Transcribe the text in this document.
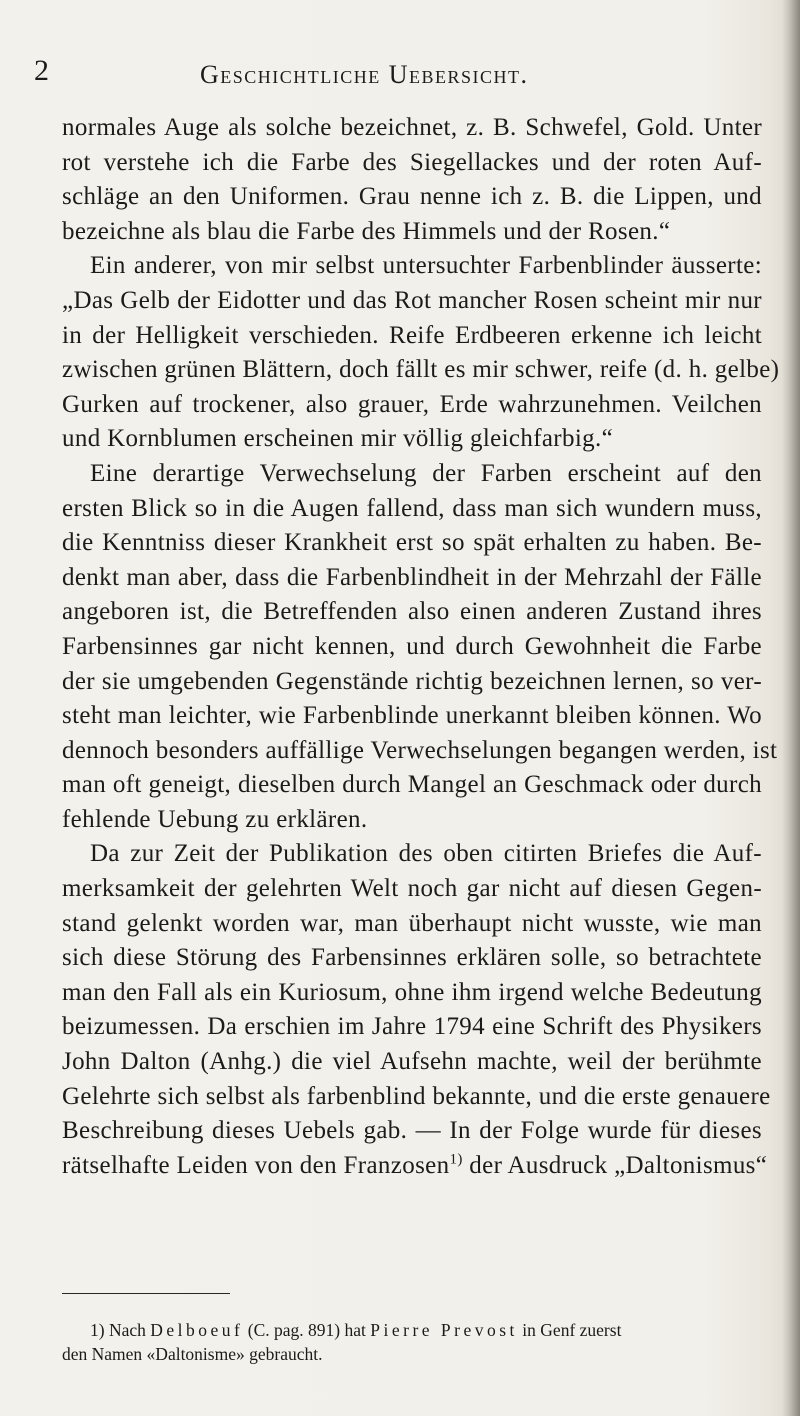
2	Geschichtliche Uebersicht.
normales Auge als solche bezeichnet, z. B. Schwefel, Gold. Unter
rot verstehe ich die Farbe des Siegellackes und der roten Auf-
schläge an den Uniformen. Grau nenne ich z. B. die Lippen, und
bezeichne als blau die Farbe des Himmels und der Rosen.“
Ein anderer, von mir selbst untersuchter Farbenblinder äusserte:
„Das Gelb der Eidotter und das Rot mancher Rosen scheint mir nur
in der Helligkeit verschieden. Reife Erdbeeren erkenne ich leicht
zwischen grünen Blättern, doch fällt es mir schwer, reife (d. h. gelbe)
Gurken auf trockener, also grauer, Erde wahrzunehmen. Veilchen
und Kornblumen erscheinen mir völlig gleichfarbig.“
Eine derartige Verwechselung der Farben erscheint auf den
ersten Blick so in die Augen fallend, dass man sich wundern muss,
die Kenntniss dieser Krankheit erst so spät erhalten zu haben. Be-
denkt man aber, dass die Farbenblindheit in der Mehrzahl der Fälle
angeboren ist, die Betreffenden also einen anderen Zustand ihres
Farbensinnes gar nicht kennen, und durch Gewohnheit die Farbe
der sie umgebenden Gegenstände richtig bezeichnen lernen, so ver-
steht man leichter, wie Farbenblinde unerkannt bleiben können. Wo
dennoch besonders auffällige Verwechselungen begangen werden, ist
man oft geneigt, dieselben durch Mangel an Geschmack oder durch
fehlende Uebung zu erklären.
Da zur Zeit der Publikation des oben citirten Briefes die Auf-
merksamkeit der gelehrten Welt noch gar nicht auf diesen Gegen-
stand gelenkt worden war, man überhaupt nicht wusste, wie man
sich diese Störung des Farbensinnes erklären solle, so betrachtete
man den Fall als ein Kuriosum, ohne ihm irgend welche Bedeutung
beizumessen. Da erschien im Jahre 1794 eine Schrift des Physikers
John Dalton (Anhg.) die viel Aufsehn machte, weil der berühmte
Gelehrte sich selbst als farbenblind bekannte, und die erste genauere
Beschreibung dieses Uebels gab. — In der Folge wurde für dieses
rätselhafte Leiden von den Franzosen$^{1)}$ der Ausdruck „Daltonismus“
1) Nach Delboeuf (C. pag. 891) hat Pierre Prevost in Genf zuerst
den Namen «Daltonisme» gebraucht.
